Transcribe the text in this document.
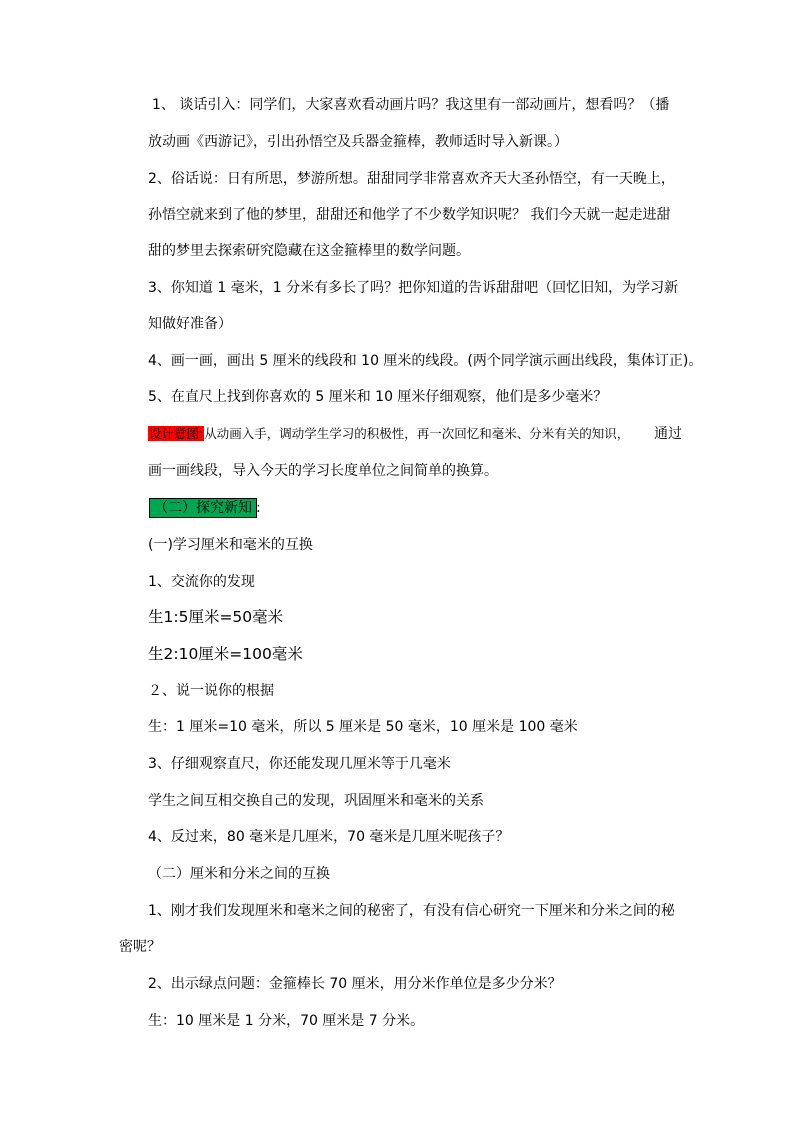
1、 谈话引入：同学们，大家喜欢看动画片吗？我这里有一部动画片，想看吗？（播
放动画《西游记》，引出孙悟空及兵器金箍棒，教师适时导入新课。）
2、俗话说：日有所思，梦游所想。甜甜同学非常喜欢齐天大圣孙悟空，有一天晚上，
孙悟空就来到了他的梦里，甜甜还和他学了不少数学知识呢？ 我们今天就一起走进甜
甜的梦里去探索研究隐藏在这金箍棒里的数学问题。
3、你知道 1 毫米，1 分米有多长了吗？把你知道的告诉甜甜吧（回忆旧知，为学习新
知做好准备）
4、画一画，画出 5 厘米的线段和 10 厘米的线段。(两个同学演示画出线段，集体订正)。
5、在直尺上找到你喜欢的 5 厘米和 10 厘米仔细观察，他们是多少毫米？
设计意图:从动画入手，调动学生学习的积极性，再一次回忆和毫米、分米有关的知识， 通过
画一画线段，导入今天的学习长度单位之间简单的换算。
（二）探究新知 :
(一)学习厘米和毫米的互换
1、交流你的发现
生1:5厘米=50毫米
生2:10厘米=100毫米
２、说一说你的根据
生：1 厘米=10 毫米，所以 5 厘米是 50 毫米，10 厘米是 100 毫米
3、仔细观察直尺，你还能发现几厘米等于几毫米
学生之间互相交换自己的发现，巩固厘米和毫米的关系
4、反过来，80 毫米是几厘米，70 毫米是几厘米呢孩子？
（二）厘米和分米之间的互换
1、刚才我们发现厘米和毫米之间的秘密了，有没有信心研究一下厘米和分米之间的秘
密呢？
2、出示绿点问题：金箍棒长 70 厘米，用分米作单位是多少分米？
生：10 厘米是 1 分米，70 厘米是 7 分米。
